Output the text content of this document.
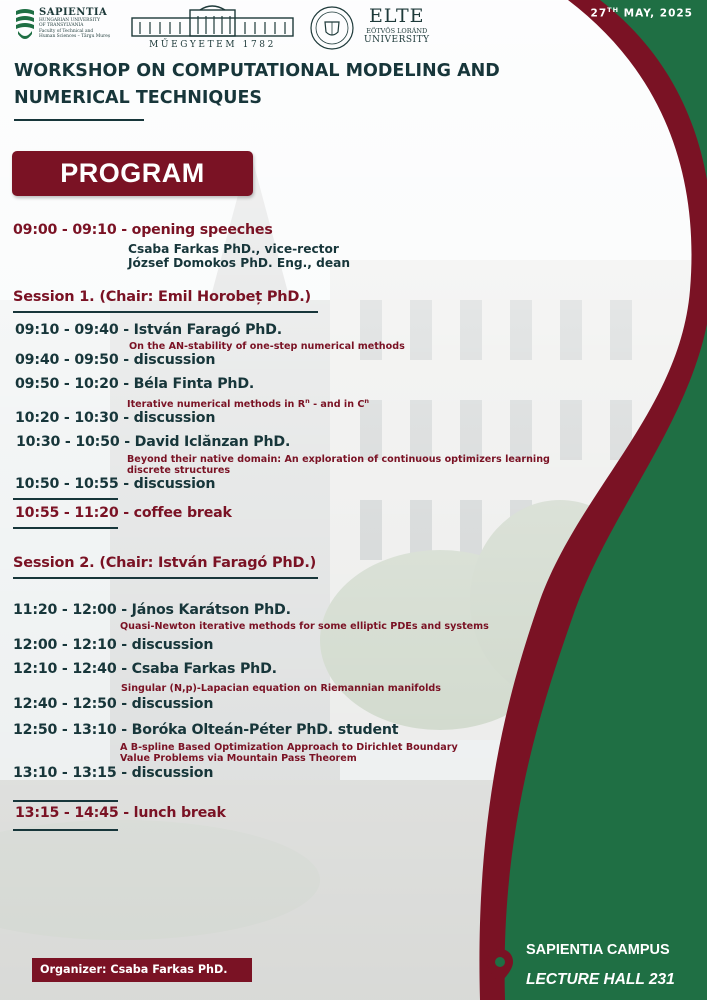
SAPIENTIA
HUNGARIAN UNIVERSITY
OF TRANSYLVANIA
Faculty of Technical and
Human Sciences – Târgu Mureș
MŰEGYETEM 1782
ELTE
EÖTVÖS LORÁND
UNIVERSITY
27TH MAY, 2025
WORKSHOP ON COMPUTATIONAL MODELING AND
NUMERICAL TECHNIQUES
PROGRAM
09:00 - 09:10 - opening speeches
Csaba Farkas PhD., vice-rector
József Domokos PhD. Eng., dean
Session 1. (Chair: Emil Horobeț PhD.)
09:10 - 09:40 - István Faragó PhD.
On the AN-stability of one-step numerical methods
09:40 - 09:50 - discussion
09:50 - 10:20 - Béla Finta PhD.
Iterative numerical methods in $R^n$ - and in $C^n$
10:20 - 10:30 - discussion
10:30 - 10:50 - David Iclănzan PhD.
Beyond their native domain: An exploration of continuous optimizers learning
discrete structures
10:50 - 10:55 - discussion
10:55 - 11:20 - coffee break
Session 2. (Chair: István Faragó PhD.)
11:20 - 12:00 - János Karátson PhD.
Quasi-Newton iterative methods for some elliptic PDEs and systems
12:00 - 12:10 - discussion
12:10 - 12:40 - Csaba Farkas PhD.
Singular (N,p)-Lapacian equation on Riemannian manifolds
12:40 - 12:50 - discussion
12:50 - 13:10 - Boróka Olteán-Péter PhD. student
A B-spline Based Optimization Approach to Dirichlet Boundary
Value Problems via Mountain Pass Theorem
13:10 - 13:15 - discussion
13:15 - 14:45 - lunch break
Organizer: Csaba Farkas PhD.
SAPIENTIA CAMPUS
LECTURE HALL 231
